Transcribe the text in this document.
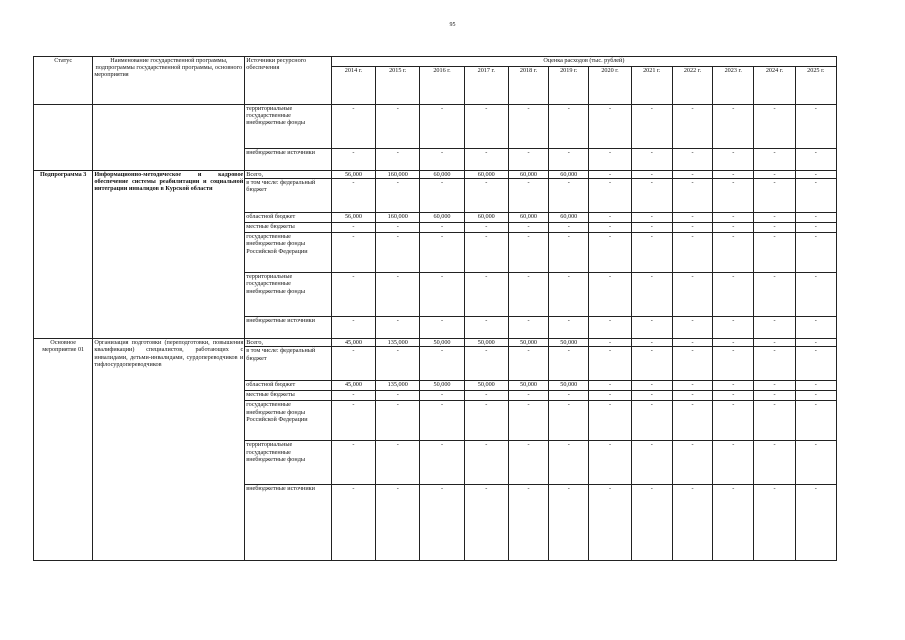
95
Статус	Наименование государственной программы, подпрограммы государственной программы, основного мероприятия	Источники ресурсного обеспечения	Оценка расходов (тыс. рублей)											
			2014 г.	2015 г.	2016 г.	2017 г.	2018 г.	2019 г.	2020 г.	2021 г.	2022 г.	2023 г.	2024 г.	2025 г.
		территориальные государственные внебюджетные фонды	-	-	-	-	-	-	-	-	-	-	-	-
		внебюджетные источники	-	-	-	-	-	-	-	-	-	-	-	-
Подпрограмма 3	Информационно-методическое и кадровое обеспечение системы реабилитации и социальной интеграции инвалидов в Курской области	Всего,	56,000	160,000	60,000	60,000	60,000	60,000	-	-	-	-	-	-
		в том числе: федеральный бюджет	-	-	-	-	-	-	-	-	-	-	-	-
		областной бюджет	56,000	160,000	60,000	60,000	60,000	60,000	-	-	-	-	-	-
		местные бюджеты	-	-	-	-	-	-	-	-	-	-	-	-
		государственные внебюджетные фонды Российской Федерации	-	-	-	-	-	-	-	-	-	-	-	-
		территориальные государственные внебюджетные фонды	-	-	-	-	-	-	-	-	-	-	-	-
		внебюджетные источники	-	-	-	-	-	-	-	-	-	-	-	-
Основное мероприятие 01	Организация подготовки (переподготовки, повышения квалификации) специалистов, работающих с инвалидами, детьми-инвалидами, сурдопереводчиков и тифлосурдопереводчиков	Всего,	45,000	135,000	50,000	50,000	50,000	50,000	-	-	-	-	-	-
		в том числе: федеральный бюджет	-	-	-	-	-	-	-	-	-	-	-	-
		областной бюджет	45,000	135,000	50,000	50,000	50,000	50,000	-	-	-	-	-	-
		местные бюджеты	-	-	-	-	-	-	-	-	-	-	-	-
		государственные внебюджетные фонды Российской Федерации	-	-	-	-	-	-	-	-	-	-	-	-
		территориальные государственные внебюджетные фонды	-	-	-	-	-	-	-	-	-	-	-	-
		внебюджетные источники	-	-	-	-	-	-	-	-	-	-	-	-
